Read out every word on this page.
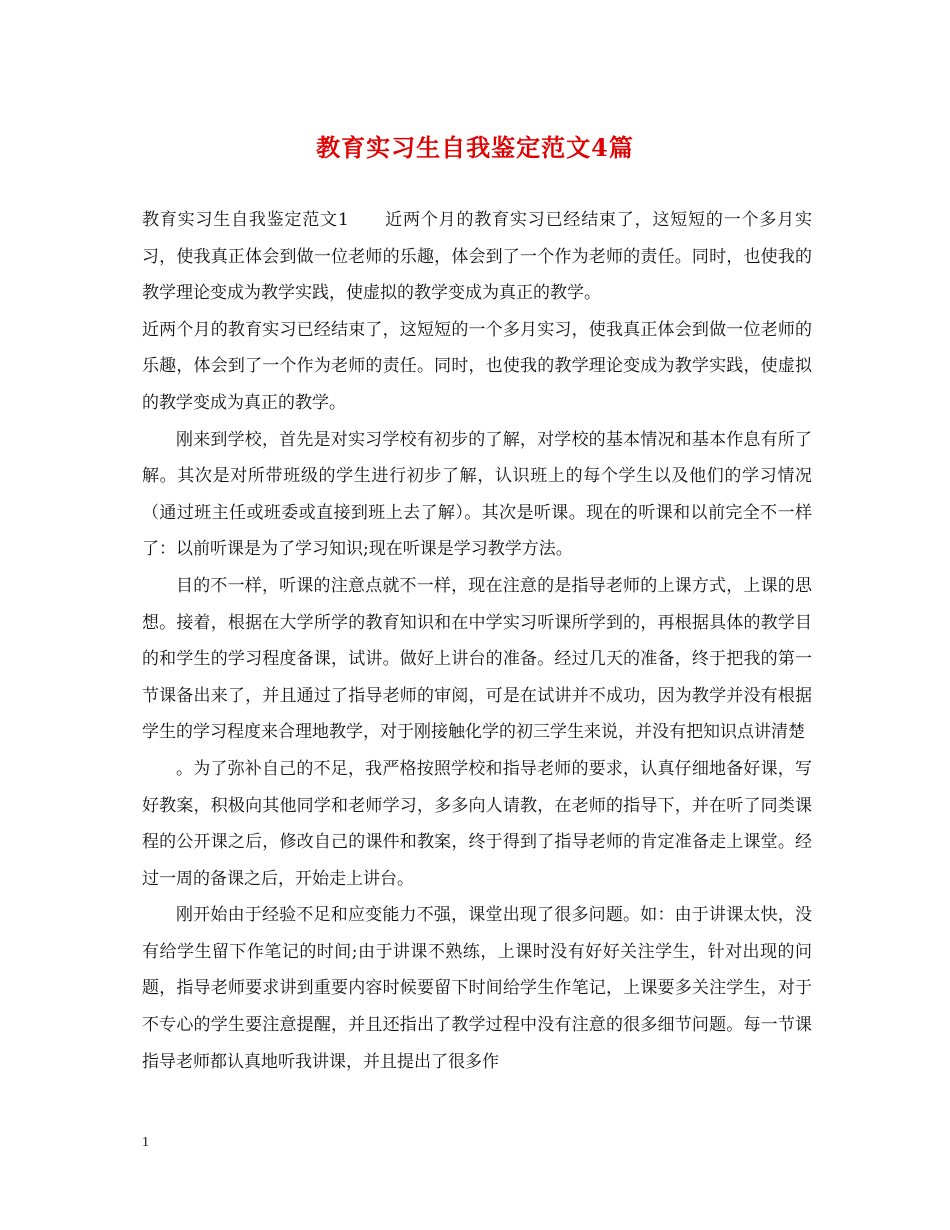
教育实习生自我鉴定范文4篇

教育实习生自我鉴定范文1　　近两个月的教育实习已经结束了，这短短的一个多月实习，使我真正体会到做一位老师的乐趣，体会到了一个作为老师的责任。同时，也使我的教学理论变成为教学实践，使虚拟的教学变成为真正的教学。

近两个月的教育实习已经结束了，这短短的一个多月实习，使我真正体会到做一位老师的乐趣，体会到了一个作为老师的责任。同时，也使我的教学理论变成为教学实践，使虚拟的教学变成为真正的教学。

刚来到学校，首先是对实习学校有初步的了解，对学校的基本情况和基本作息有所了解。其次是对所带班级的学生进行初步了解，认识班上的每个学生以及他们的学习情况（通过班主任或班委或直接到班上去了解）。其次是听课。现在的听课和以前完全不一样了：以前听课是为了学习知识;现在听课是学习教学方法。

目的不一样，听课的注意点就不一样，现在注意的是指导老师的上课方式，上课的思想。接着，根据在大学所学的教育知识和在中学实习听课所学到的，再根据具体的教学目的和学生的学习程度备课，试讲。做好上讲台的准备。经过几天的准备，终于把我的第一节课备出来了，并且通过了指导老师的审阅，可是在试讲并不成功，因为教学并没有根据学生的学习程度来合理地教学，对于刚接触化学的初三学生来说，并没有把知识点讲清楚

。为了弥补自己的不足，我严格按照学校和指导老师的要求，认真仔细地备好课，写好教案，积极向其他同学和老师学习，多多向人请教，在老师的指导下，并在听了同类课程的公开课之后，修改自己的课件和教案，终于得到了指导老师的肯定准备走上课堂。经过一周的备课之后，开始走上讲台。

刚开始由于经验不足和应变能力不强，课堂出现了很多问题。如：由于讲课太快，没有给学生留下作笔记的时间;由于讲课不熟练，上课时没有好好关注学生，针对出现的问题，指导老师要求讲到重要内容时候要留下时间给学生作笔记，上课要多关注学生，对于不专心的学生要注意提醒，并且还指出了教学过程中没有注意的很多细节问题。每一节课指导老师都认真地听我讲课，并且提出了很多作

1
